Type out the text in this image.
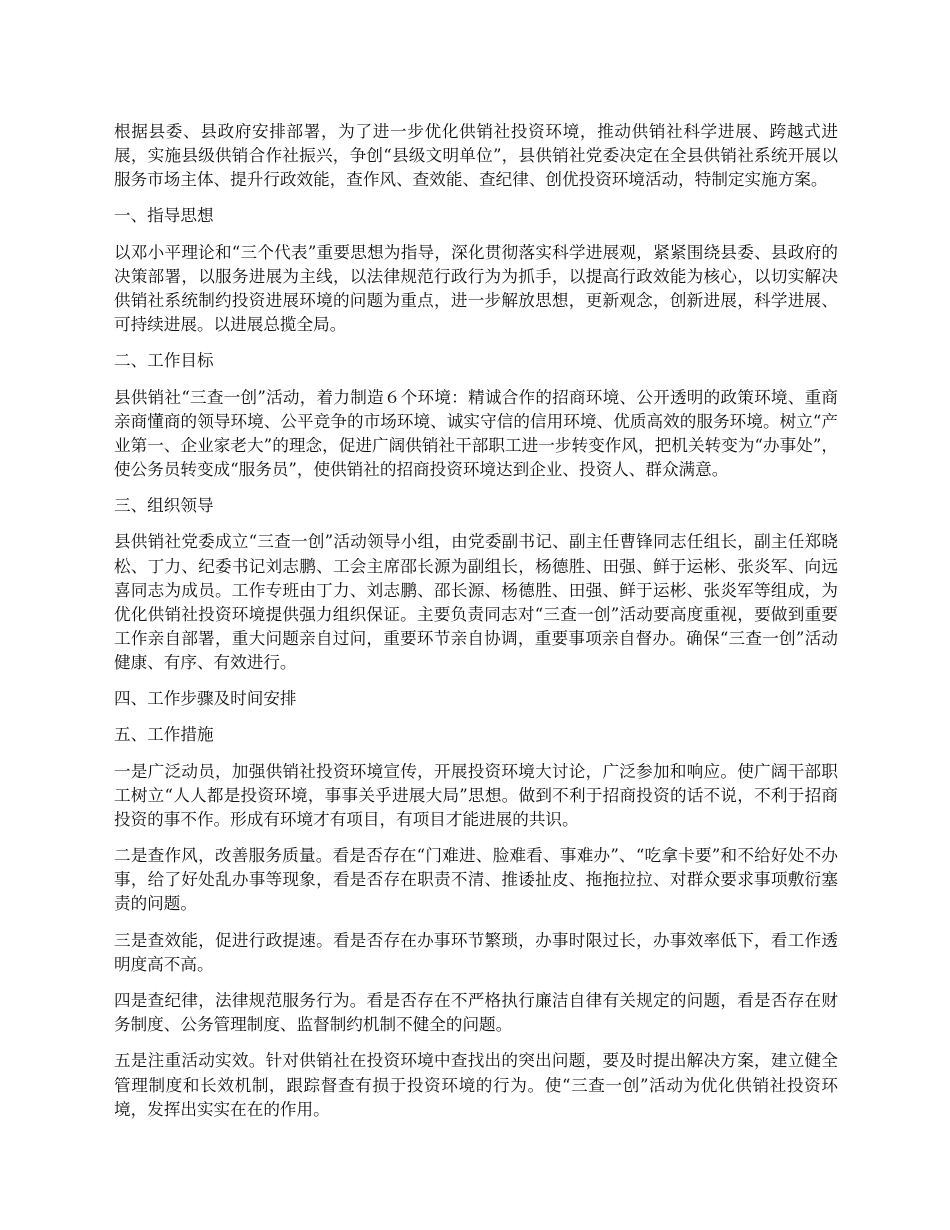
根据县委、县政府安排部署，为了进一步优化供销社投资环境，推动供销社科学进展、跨越式进展，实施县级供销合作社振兴，争创“县级文明单位”，县供销社党委决定在全县供销社系统开展以服务市场主体、提升行政效能，查作风、查效能、查纪律、创优投资环境活动，特制定实施方案。

一、指导思想

以邓小平理论和“三个代表”重要思想为指导，深化贯彻落实科学进展观，紧紧围绕县委、县政府的决策部署，以服务进展为主线，以法律规范行政行为为抓手，以提高行政效能为核心，以切实解决供销社系统制约投资进展环境的问题为重点，进一步解放思想，更新观念，创新进展，科学进展、可持续进展。以进展总揽全局。

二、工作目标

县供销社“三查一创”活动，着力制造６个环境：精诚合作的招商环境、公开透明的政策环境、重商亲商懂商的领导环境、公平竞争的市场环境、诚实守信的信用环境、优质高效的服务环境。树立“产业第一、企业家老大”的理念，促进广阔供销社干部职工进一步转变作风，把机关转变为“办事处”，使公务员转变成“服务员”，使供销社的招商投资环境达到企业、投资人、群众满意。

三、组织领导

县供销社党委成立“三查一创”活动领导小组，由党委副书记、副主任曹锋同志任组长，副主任郑晓松、丁力、纪委书记刘志鹏、工会主席邵长源为副组长，杨德胜、田强、鲜于运彬、张炎军、向远喜同志为成员。工作专班由丁力、刘志鹏、邵长源、杨德胜、田强、鲜于运彬、张炎军等组成，为优化供销社投资环境提供强力组织保证。主要负责同志对“三查一创”活动要高度重视，要做到重要工作亲自部署，重大问题亲自过问，重要环节亲自协调，重要事项亲自督办。确保“三查一创”活动健康、有序、有效进行。

四、工作步骤及时间安排

五、工作措施

一是广泛动员，加强供销社投资环境宣传，开展投资环境大讨论，广泛参加和响应。使广阔干部职工树立“人人都是投资环境，事事关乎进展大局”思想。做到不利于招商投资的话不说，不利于招商投资的事不作。形成有环境才有项目，有项目才能进展的共识。

二是查作风，改善服务质量。看是否存在“门难进、脸难看、事难办”、“吃拿卡要”和不给好处不办事，给了好处乱办事等现象，看是否存在职责不清、推诿扯皮、拖拖拉拉、对群众要求事项敷衍塞责的问题。

三是查效能，促进行政提速。看是否存在办事环节繁琐，办事时限过长，办事效率低下，看工作透明度高不高。

四是查纪律，法律规范服务行为。看是否存在不严格执行廉洁自律有关规定的问题，看是否存在财务制度、公务管理制度、监督制约机制不健全的问题。

五是注重活动实效。针对供销社在投资环境中查找出的突出问题，要及时提出解决方案，建立健全管理制度和长效机制，跟踪督查有损于投资环境的行为。使“三查一创”活动为优化供销社投资环境，发挥出实实在在的作用。
